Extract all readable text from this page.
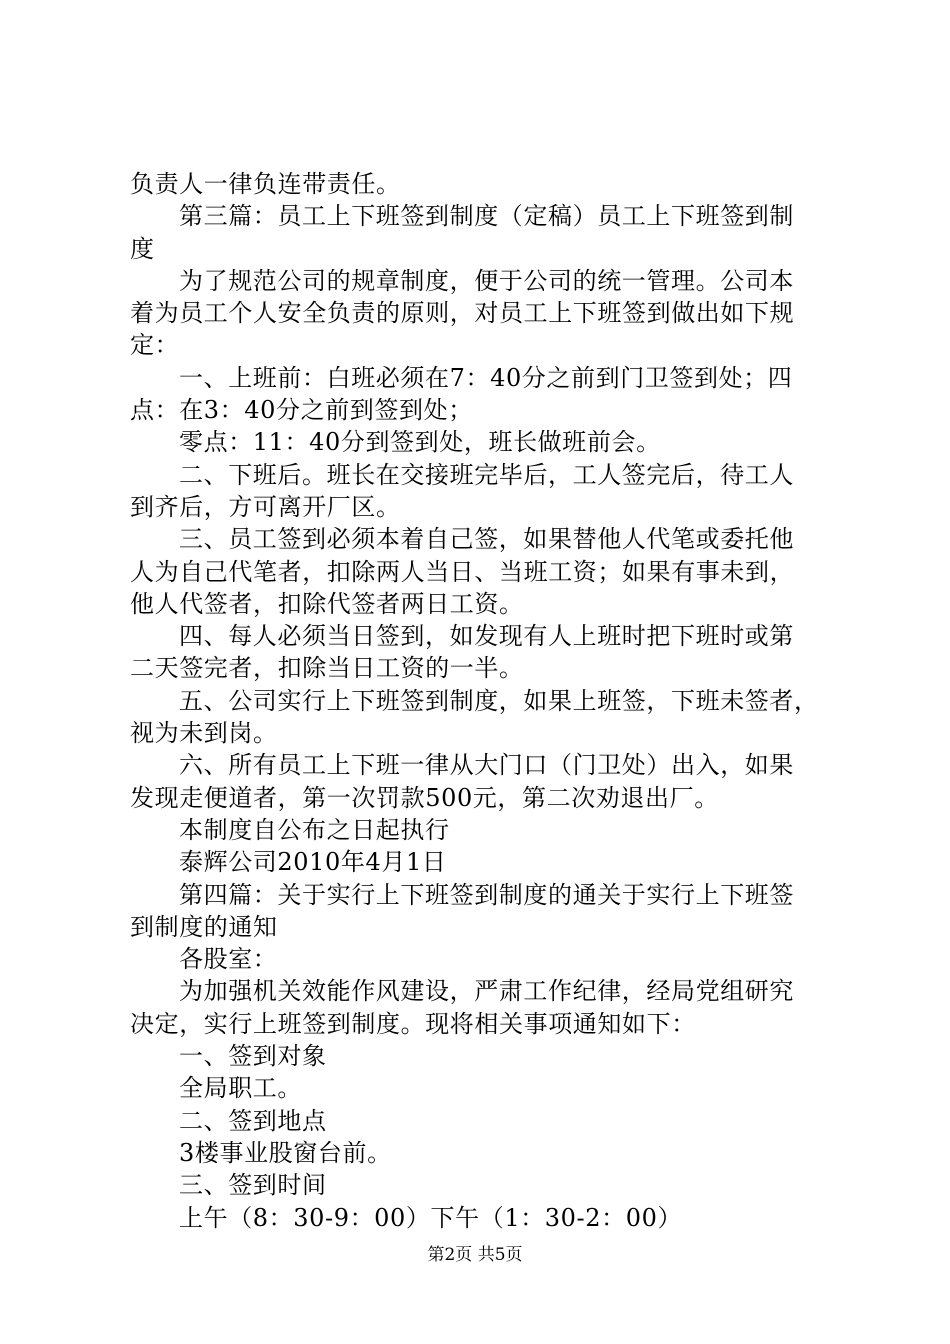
负责人一律负连带责任。
第三篇：员工上下班签到制度（定稿）员工上下班签到制
度
为了规范公司的规章制度，便于公司的统一管理。公司本
着为员工个人安全负责的原则，对员工上下班签到做出如下规
定：
一、上班前：白班必须在7：40分之前到门卫签到处；四
点：在3：40分之前到签到处；
零点：11：40分到签到处，班长做班前会。
二、下班后。班长在交接班完毕后，工人签完后，待工人
到齐后，方可离开厂区。
三、员工签到必须本着自己签，如果替他人代笔或委托他
人为自己代笔者，扣除两人当日、当班工资；如果有事未到，
他人代签者，扣除代签者两日工资。
四、每人必须当日签到，如发现有人上班时把下班时或第
二天签完者，扣除当日工资的一半。
五、公司实行上下班签到制度，如果上班签，下班未签者，
视为未到岗。
六、所有员工上下班一律从大门口（门卫处）出入，如果
发现走便道者，第一次罚款500元，第二次劝退出厂。
本制度自公布之日起执行
泰辉公司2010年4月1日
第四篇：关于实行上下班签到制度的通关于实行上下班签
到制度的通知
各股室：
为加强机关效能作风建设，严肃工作纪律，经局党组研究
决定，实行上班签到制度。现将相关事项通知如下：
一、签到对象
全局职工。
二、签到地点
3楼事业股窗台前。
三、签到时间
上午（8：30-9：00）下午（1：30-2：00）
第2页 共5页
